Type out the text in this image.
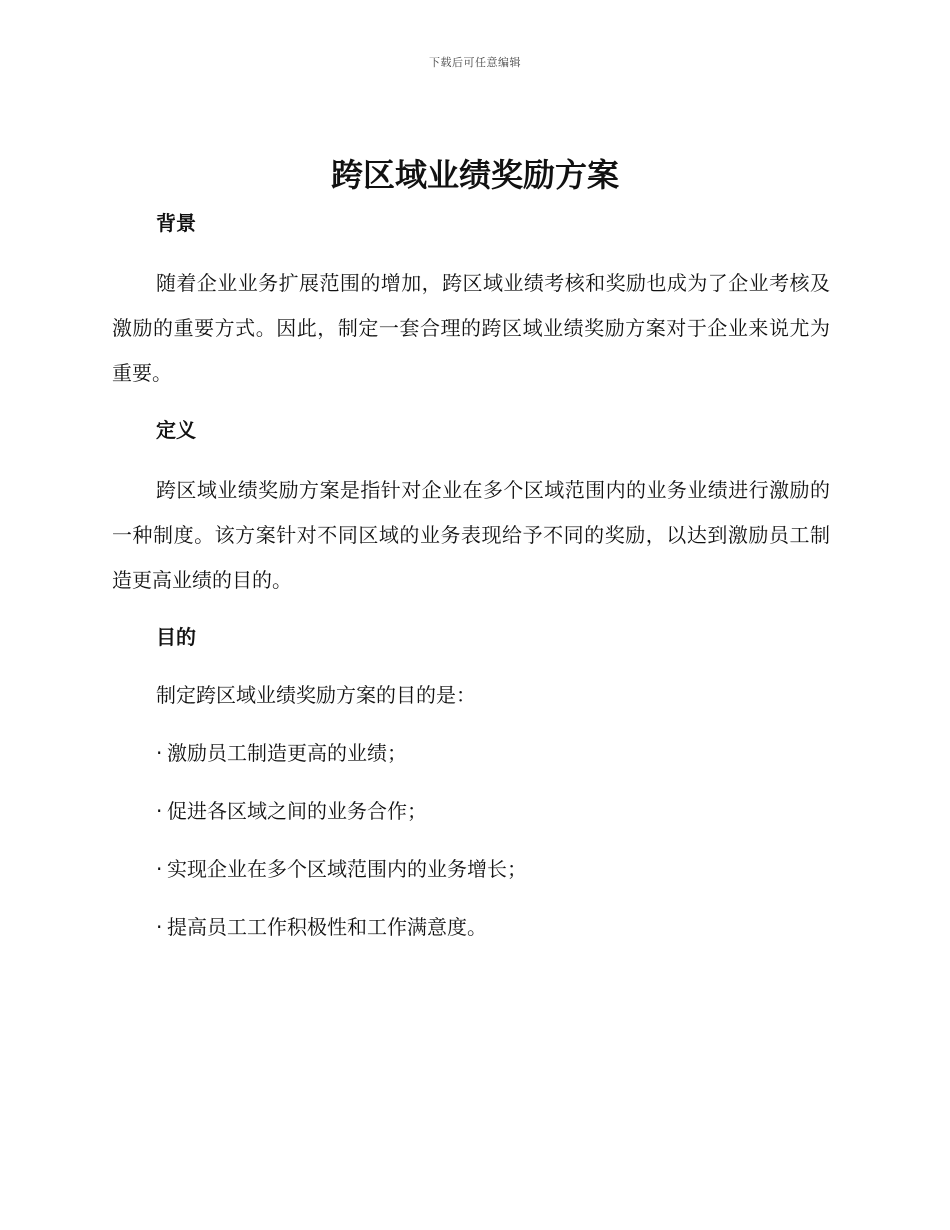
下载后可任意编辑
跨区域业绩奖励方案
背景

随着企业业务扩展范围的增加，跨区域业绩考核和奖励也成为了企业考核及激励的重要方式。因此，制定一套合理的跨区域业绩奖励方案对于企业来说尤为重要。

定义

跨区域业绩奖励方案是指针对企业在多个区域范围内的业务业绩进行激励的一种制度。该方案针对不同区域的业务表现给予不同的奖励，以达到激励员工制造更高业绩的目的。

目的

制定跨区域业绩奖励方案的目的是：

· 激励员工制造更高的业绩；
· 促进各区域之间的业务合作；
· 实现企业在多个区域范围内的业务增长；
· 提高员工工作积极性和工作满意度。
